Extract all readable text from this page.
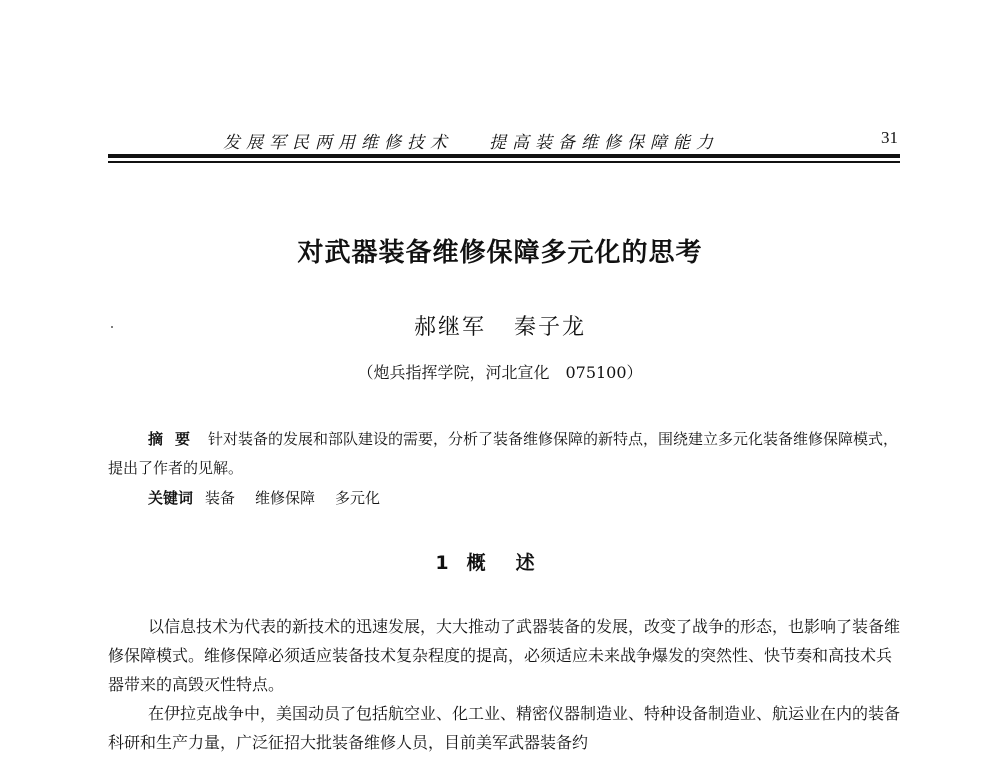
发展军民两用维修技术 提高装备维修保障能力	31
对武器装备维修保障多元化的思考
郝继军 秦子龙
（炮兵指挥学院，河北宣化　075100）
摘要 针对装备的发展和部队建设的需要，分析了装备维修保障的新特点，围绕建立多元化装备维修保障模式，提出了作者的见解。
关键词 装备 维修保障 多元化
1 概述

以信息技术为代表的新技术的迅速发展，大大推动了武器装备的发展，改变了战争的形态，也影响了装备维修保障模式。维修保障必须适应装备技术复杂程度的提高，必须适应未来战争爆发的突然性、快节奏和高技术兵器带来的高毁灭性特点。

在伊拉克战争中，美国动员了包括航空业、化工业、精密仪器制造业、特种设备制造业、航运业在内的装备科研和生产力量，广泛征招大批装备维修人员，目前美军武器装备约
